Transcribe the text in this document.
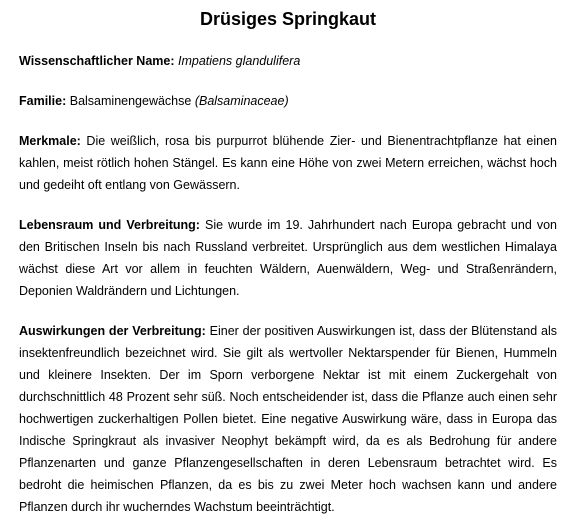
Drüsiges Springkaut

Wissenschaftlicher Name: Impatiens glandulifera

Familie: Balsaminengewächse (Balsaminaceae)

Merkmale: Die weißlich, rosa bis purpurrot blühende Zier- und Bienentrachtpflanze hat einen kahlen, meist rötlich hohen Stängel. Es kann eine Höhe von zwei Metern erreichen, wächst hoch und gedeiht oft entlang von Gewässern.

Lebensraum und Verbreitung: Sie wurde im 19. Jahrhundert nach Europa gebracht und von den Britischen Inseln bis nach Russland verbreitet. Ursprünglich aus dem westlichen Himalaya wächst diese Art vor allem in feuchten Wäldern, Auenwäldern, Weg- und Straßenrändern, Deponien Waldrändern und Lichtungen.

Auswirkungen der Verbreitung: Einer der positiven Auswirkungen ist, dass der Blütenstand als insektenfreundlich bezeichnet wird. Sie gilt als wertvoller Nektarspender für Bienen, Hummeln und kleinere Insekten. Der im Sporn verborgene Nektar ist mit einem Zuckergehalt von durchschnittlich 48 Prozent sehr süß. Noch entscheidender ist, dass die Pflanze auch einen sehr hochwertigen zuckerhaltigen Pollen bietet. Eine negative Auswirkung wäre, dass in Europa das Indische Springkraut als invasiver Neophyt bekämpft wird, da es als Bedrohung für andere Pflanzenarten und ganze Pflanzengesellschaften in deren Lebensraum betrachtet wird. Es bedroht die heimischen Pflanzen, da es bis zu zwei Meter hoch wachsen kann und andere Pflanzen durch ihr wucherndes Wachstum beeinträchtigt.
